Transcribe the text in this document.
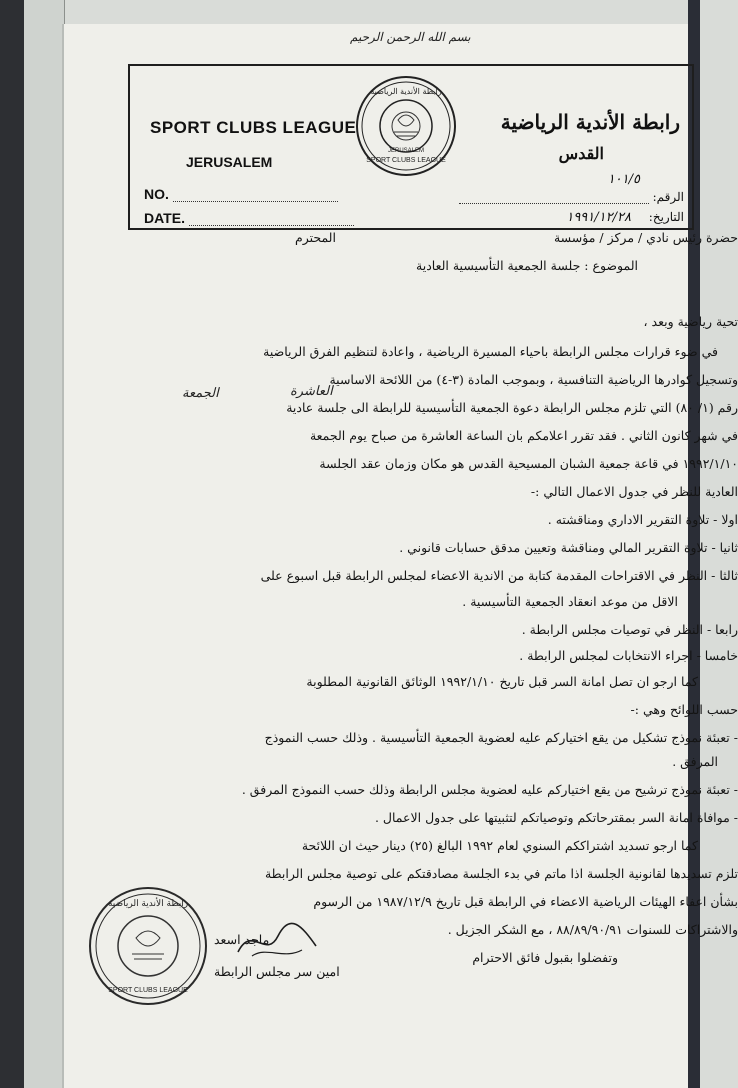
بسم الله الرحمن الرحيم
SPORT CLUBS LEAGUE
JERUSALEM
NO.
DATE.
SPORT CLUBS LEAGUE
رابطة الأندية الرياضية
JERUSALEM
رابطة الأندية الرياضية
القدس
١٠١/٥
الرقم:
التاريخ: ١٩٩١/١٢/٢٨
حضرة رئيس نادي / مركز / مؤسسة  المحترم
الموضوع : جلسة الجمعية التأسيسية العادية
تحية رياضية وبعد ،
في ضوء قرارات مجلس الرابطة باحياء المسيرة الرياضية ، واعادة لتنظيم الفرق الرياضية
وتسجيل كوادرها الرياضية التنافسية ، وبموجب المادة (٣-٤) من اللائحة الاساسية
رقم (١/ ٨٠) التي تلزم مجلس الرابطة دعوة الجمعية التأسيسية للرابطة الى جلسة عادية
في شهر كانون الثاني . فقد تقرر اعلامكم بان الساعة العاشرة من صباح يوم الجمعة
١٩٩٢/١/١٠ في قاعة جمعية الشبان المسيحية القدس هو مكان وزمان عقد الجلسة
العادية للنظر في جدول الاعمال التالي :-
اولا - تلاوة التقرير الاداري ومناقشته .
ثانيا - تلاوة التقرير المالي ومناقشة وتعيين مدقق حسابات قانوني .
ثالثا - النظر في الاقتراحات المقدمة كتابة من الاندية الاعضاء لمجلس الرابطة قبل اسبوع على
الاقل من موعد انعقاد الجمعية التأسيسية .
رابعا - النظر في توصيات مجلس الرابطة .
خامسا - اجراء الانتخابات لمجلس الرابطة .
كما ارجو ان تصل امانة السر قبل تاريخ ١٩٩٢/١/١٠ الوثائق القانونية المطلوبة
حسب اللوائح وهي :-
- تعبئة نموذج تشكيل من يقع اختياركم عليه لعضوية الجمعية التأسيسية . وذلك حسب النموذج
المرفق .
- تعبئة نموذج ترشيح من يقع اختياركم عليه لعضوية مجلس الرابطة وذلك حسب النموذج المرفق .
- موافاة امانة السر بمقترحاتكم وتوصياتكم لتثبيتها على جدول الاعمال .
كما ارجو تسديد اشتراككم السنوي لعام ١٩٩٢ البالغ (٢٥) دينار حيث ان اللائحة
تلزم تسديدها لقانونية الجلسة اذا ماتم في بدء الجلسة مصادقتكم على توصية مجلس الرابطة
بشأن اعفاء الهيئات الرياضية الاعضاء في الرابطة قبل تاريخ ١٩٨٧/١٢/٩ من الرسوم
والاشتراكات للسنوات ٨٨/٨٩/٩٠/٩١ ، مع الشكر الجزيل .
وتفضلوا بقبول فائق الاحترام
العاشرة
الجمعة
رابطة الأندية الرياضية
SPORT CLUBS LEAGUE
ماجد اسعد
امين سر مجلس الرابطة
